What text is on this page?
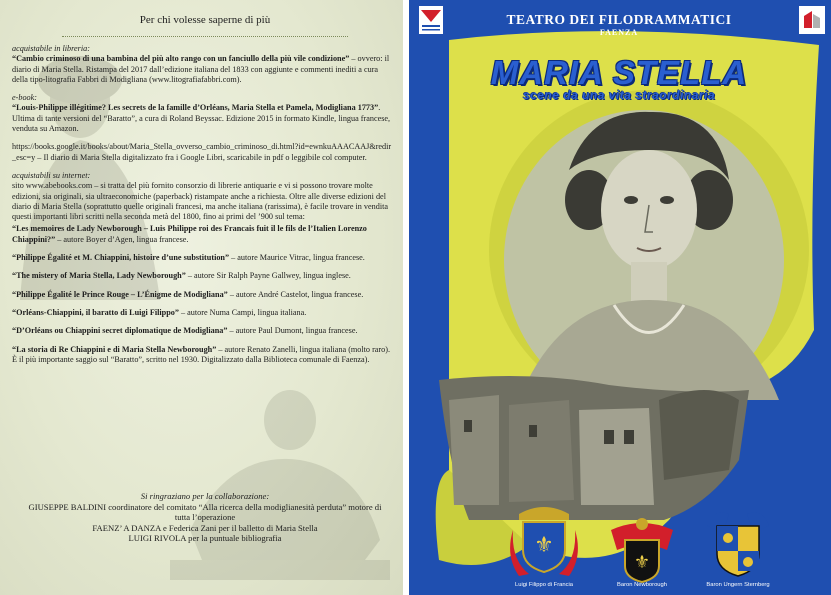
Per chi volesse saperne di più

acquistabile in libreria:
“Cambio criminoso di una bambina del più alto rango con un fanciullo della più vile condizione” – ovvero: il diario di Maria Stella. Ristampa del 2017 dall’edizione italiana del 1833 con aggiunte e commenti inediti a cura della tipo-litografia Fabbri di Modigliana (www.litografiafabbri.com).

e-book:
“Louis-Philippe illégitime? Les secrets de la famille d’Orléans, Maria Stella et Pamela, Modigliana 1773”. Ultima di tante versioni del “Baratto”, a cura di Roland Beyssac. Edizione 2015 in formato Kindle, lingua francese, venduta su Amazon.

https://books.google.it/books/about/Maria_Stella_ovverso_cambio_criminoso_di.html?id=ewnkuAAACAAJ&redir_esc=y – Il diario di Maria Stella digitalizzato fra i Google Libri, scaricabile in pdf o leggibile col computer.

acquistabili su internet:
sito www.abebooks.com – si tratta del più fornito consorzio di librerie antiquarie e vi si possono trovare molte edizioni, sia originali, sia ultraeconomiche (paperback) ristampate anche a richiesta. Oltre alle diverse edizioni del diario di Maria Stella (soprattutto quelle originali francesi, ma anche italiana (rarissima), è facile trovare in vendita questi importanti libri scritti nella seconda metà del 1800, fino ai primi del ’900 sul tema:

“Les memoires de Lady Newborough – Luis Philippe roi des Francais fuit il le fils de l’Italien Lorenzo Chiappini?” – autore Boyer d’Agen, lingua francese.

“Philippe Égalité et M. Chiappini, histoire d’une substitution” – autore Maurice Vitrac, lingua francese.

“The mistery of Maria Stella, Lady Newborough” – autore Sir Ralph Payne Gallwey, lingua inglese.

“Philippe Égalité le Prince Rouge – L’Énigme de Modigliana” – autore André Castelot, lingua francese.

“Orléans-Chiappini, il baratto di Luigi Filippo” – autore Numa Campi, lingua italiana.

“D’Orléans ou Chiappini secret diplomatique de Modigliana” – autore Paul Dumont, lingua francese.

“La storia di Re Chiappini e di Maria Stella Newborough” – autore Renato Zanelli, lingua italiana (molto raro). È il più importante saggio sul “Baratto”, scritto nel 1930. Digitalizzato dalla Biblioteca comunale di Faenza).

Si ringraziano per la collaborazione:
GIUSEPPE BALDINI coordinatore del comitato “Alla ricerca della modiglianesità perduta” motore di tutta l’operazione
FAENZ’ A DANZA e Federica Zani per il balletto di Maria Stella
LUIGI RIVOLA per la puntuale bibliografia
TEATRO DEI FILODRAMMATICI
FAENZA
MARIA STELLA
scene da una vita straordinaria
⚜
⚜
Luigi Filippo di Francia	Baron Newborough	Baron Ungern Sternberg
